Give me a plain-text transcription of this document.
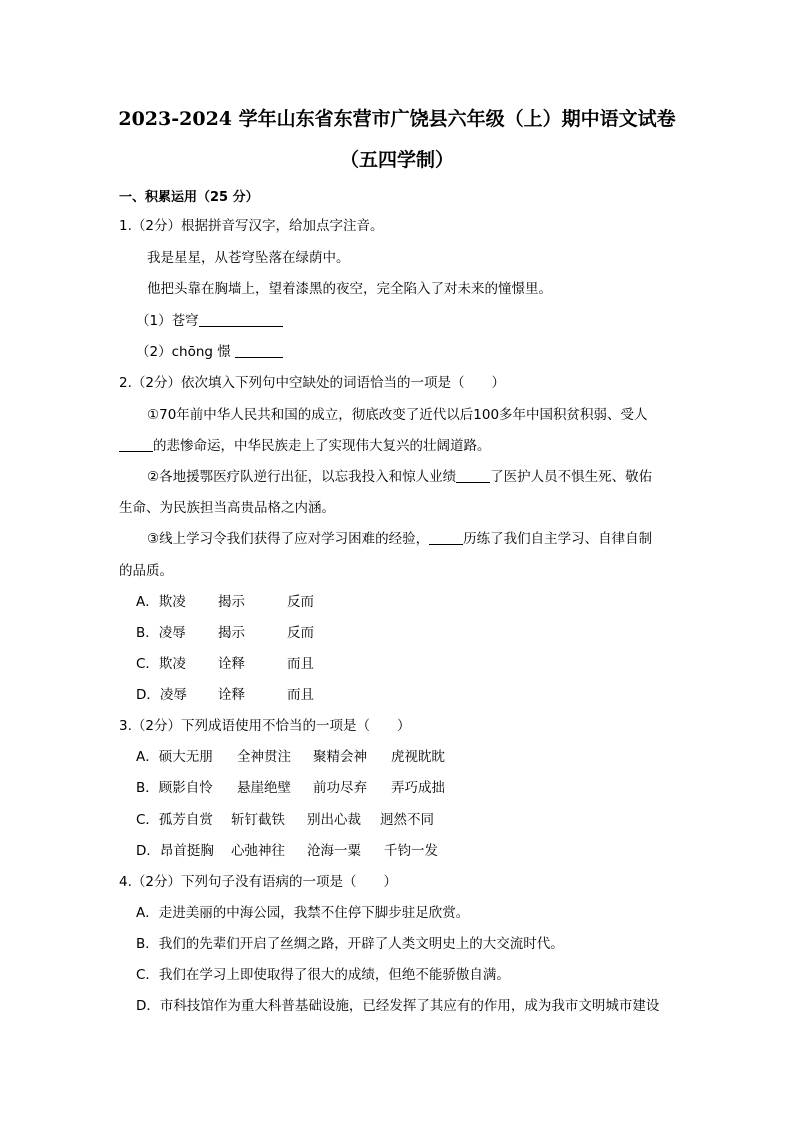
2023-2024 学年山东省东营市广饶县六年级（上）期中语文试卷
（五四学制）
一、积累运用（25 分）
1.（2分）根据拼音写汉字，给加点字注音。
我是星星，从苍穹坠落在绿荫中。
他把头靠在胸墙上，望着漆黑的夜空，完全陷入了对未来的憧憬里。
（1）苍穹
（2）chōng 憬
2.（2分）依次填入下列句中空缺处的词语恰当的一项是（　　）
①70年前中华人民共和国的成立，彻底改变了近代以后100多年中国积贫积弱、受人
的悲惨命运，中华民族走上了实现伟大复兴的壮阔道路。
②各地援鄂医疗队逆行出征，以忘我投入和惊人业绩	了医护人员不惧生死、敬佑
生命、为民族担当高贵品格之内涵。
③线上学习令我们获得了应对学习困难的经验，	历练了我们自主学习、自律自制
的品质。
A．欺凌 揭示	反而
B．凌辱 揭示	反而
C．欺凌 诠释	而且
D．凌辱 诠释	而且
3.（2分）下列成语使用不恰当的一项是（　　）
A．硕大无朋 全神贯注 聚精会神 虎视眈眈
B．顾影自怜 悬崖绝壁 前功尽弃 弄巧成拙
C．孤芳自赏 斩钉截铁 别出心裁 迥然不同
D．昂首挺胸 心弛神往 沧海一粟 千钧一发
4.（2分）下列句子没有语病的一项是（　　）
A．走进美丽的中海公园，我禁不住停下脚步驻足欣赏。
B．我们的先辈们开启了丝绸之路，开辟了人类文明史上的大交流时代。
C．我们在学习上即使取得了很大的成绩，但绝不能骄傲自满。
D．市科技馆作为重大科普基础设施，已经发挥了其应有的作用，成为我市文明城市建设
